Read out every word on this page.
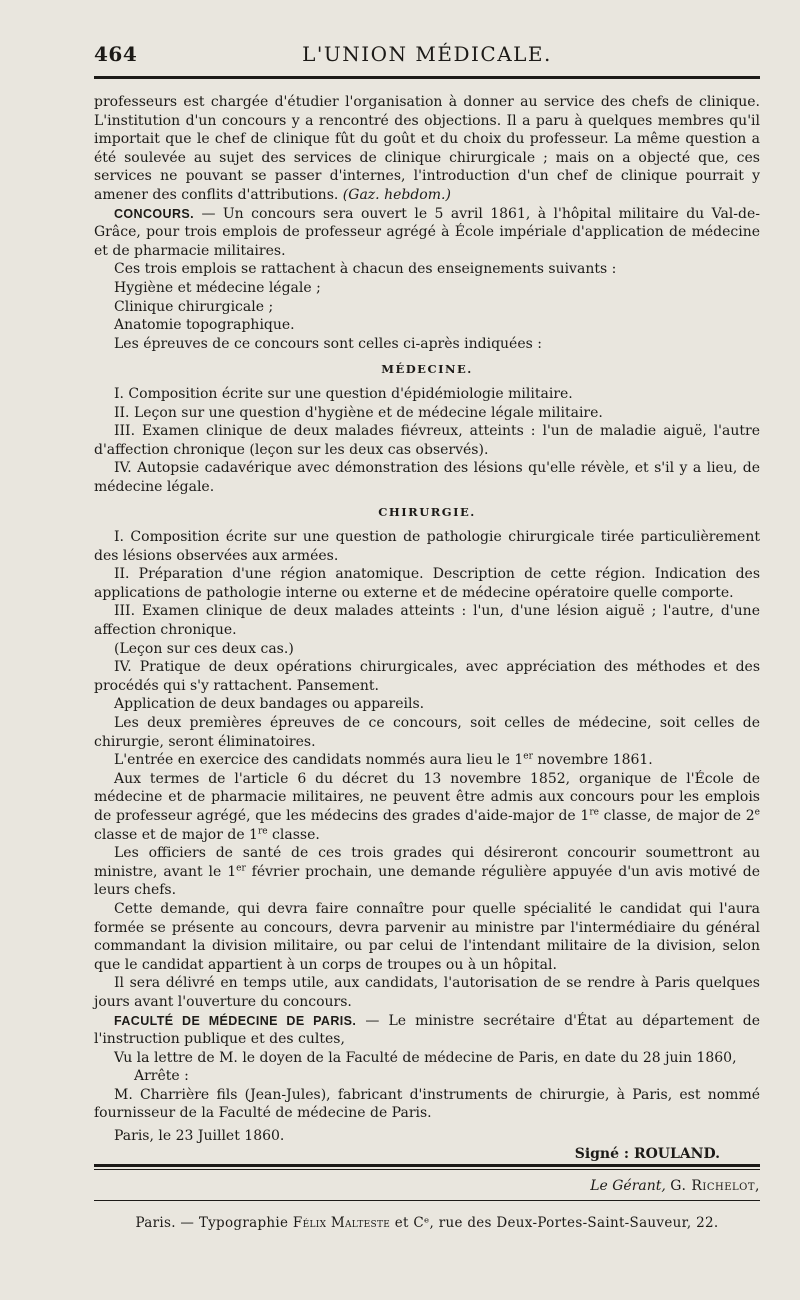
464	L'UNION MÉDICALE.

professeurs est chargée d'étudier l'organisation à donner au service des chefs de clinique. L'institution d'un concours y a rencontré des objections. Il a paru à quelques membres qu'il importait que le chef de clinique fût du goût et du choix du professeur. La même question a été soulevée au sujet des services de clinique chirurgicale ; mais on a objecté que, ces services ne pouvant se passer d'internes, l'introduction d'un chef de clinique pourrait y amener des conflits d'attributions. (Gaz. hebdom.)

CONCOURS. — Un concours sera ouvert le 5 avril 1861, à l'hôpital militaire du Val-de-Grâce, pour trois emplois de professeur agrégé à École impériale d'application de médecine et de pharmacie militaires.

Ces trois emplois se rattachent à chacun des enseignements suivants :

Hygiène et médecine légale ;

Clinique chirurgicale ;

Anatomie topographique.

Les épreuves de ce concours sont celles ci-après indiquées :

MÉDECINE.

I. Composition écrite sur une question d'épidémiologie militaire.

II. Leçon sur une question d'hygiène et de médecine légale militaire.

III. Examen clinique de deux malades fiévreux, atteints : l'un de maladie aiguë, l'autre d'affection chronique (leçon sur les deux cas observés).

IV. Autopsie cadavérique avec démonstration des lésions qu'elle révèle, et s'il y a lieu, de médecine légale.

CHIRURGIE.

I. Composition écrite sur une question de pathologie chirurgicale tirée particulièrement des lésions observées aux armées.

II. Préparation d'une région anatomique. Description de cette région. Indication des applications de pathologie interne ou externe et de médecine opératoire quelle comporte.

III. Examen clinique de deux malades atteints : l'un, d'une lésion aiguë ; l'autre, d'une affection chronique.

(Leçon sur ces deux cas.)

IV. Pratique de deux opérations chirurgicales, avec appréciation des méthodes et des procédés qui s'y rattachent. Pansement.

Application de deux bandages ou appareils.

Les deux premières épreuves de ce concours, soit celles de médecine, soit celles de chirurgie, seront éliminatoires.

L'entrée en exercice des candidats nommés aura lieu le 1er novembre 1861.

Aux termes de l'article 6 du décret du 13 novembre 1852, organique de l'École de médecine et de pharmacie militaires, ne peuvent être admis aux concours pour les emplois de professeur agrégé, que les médecins des grades d'aide-major de 1re classe, de major de 2e classe et de major de 1re classe.

Les officiers de santé de ces trois grades qui désireront concourir soumettront au ministre, avant le 1er février prochain, une demande régulière appuyée d'un avis motivé de leurs chefs.

Cette demande, qui devra faire connaître pour quelle spécialité le candidat qui l'aura formée se présente au concours, devra parvenir au ministre par l'intermédiaire du général commandant la division militaire, ou par celui de l'intendant militaire de la division, selon que le candidat appartient à un corps de troupes ou à un hôpital.

Il sera délivré en temps utile, aux candidats, l'autorisation de se rendre à Paris quelques jours avant l'ouverture du concours.

FACULTÉ DE MÉDECINE DE PARIS. — Le ministre secrétaire d'État au département de l'instruction publique et des cultes,

Vu la lettre de M. le doyen de la Faculté de médecine de Paris, en date du 28 juin 1860,

Arrête :

M. Charrière fils (Jean-Jules), fabricant d'instruments de chirurgie, à Paris, est nommé fournisseur de la Faculté de médecine de Paris.

Paris, le 23 Juillet 1860.
Signé : ROULAND.
Le Gérant, G. Richelot,
Paris. — Typographie Félix Malteste et Cᵉ, rue des Deux-Portes-Saint-Sauveur, 22.
